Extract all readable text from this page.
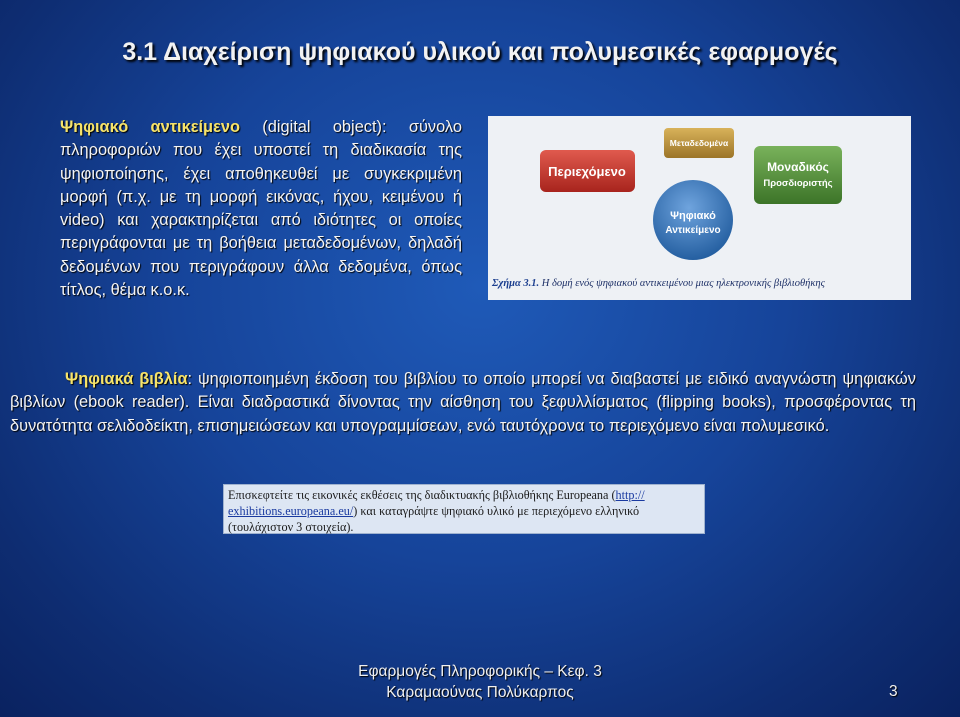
3.1 Διαχείριση ψηφιακού υλικού και πολυμεσικές εφαρμογές
Ψηφιακό αντικείμενο (digital object): σύνολο πληροφοριών που έχει υποστεί τη διαδικασία της ψηφιοποίησης, έχει αποθηκευθεί με συγκεκριμένη μορφή (π.χ. με τη μορφή εικόνας, ήχου, κειμένου ή video) και χαρακτηρίζεται από ιδιότητες οι οποίες περιγράφονται με τη βοήθεια μεταδεδομένων, δηλαδή δεδομένων που περιγράφουν άλλα δεδομένα, όπως τίτλος, θέμα κ.ο.κ.
Περιεχόμενο
Μεταδεδομένα
Μοναδικός
Προσδιοριστής
Ψηφιακό
Αντικείμενο
Σχήμα 3.1. Η δομή ενός ψηφιακού αντικειμένου μιας ηλεκτρονικής βιβλιοθήκης
Ψηφιακά βιβλία: ψηφιοποιημένη έκδοση του βιβλίου το οποίο μπορεί να διαβαστεί με ειδικό αναγνώστη ψηφιακών βιβλίων (ebook reader). Είναι διαδραστικά δίνοντας την αίσθηση του ξεφυλλίσματος (flipping books), προσφέροντας τη δυνατότητα σελιδοδείκτη, επισημειώσεων και υπογραμμίσεων, ενώ ταυτόχρονα το περιεχόμενο είναι πολυμεσικό.
Επισκεφτείτε τις εικονικές εκθέσεις της διαδικτυακής βιβλιοθήκης Europeana (http://
exhibitions.europeana.eu/) και καταγράψτε ψηφιακό υλικό με περιεχόμενο ελληνικό (τουλάχιστον 3 στοιχεία).
Εφαρμογές Πληροφορικής – Κεφ. 3
Καραμαούνας Πολύκαρπος	3
